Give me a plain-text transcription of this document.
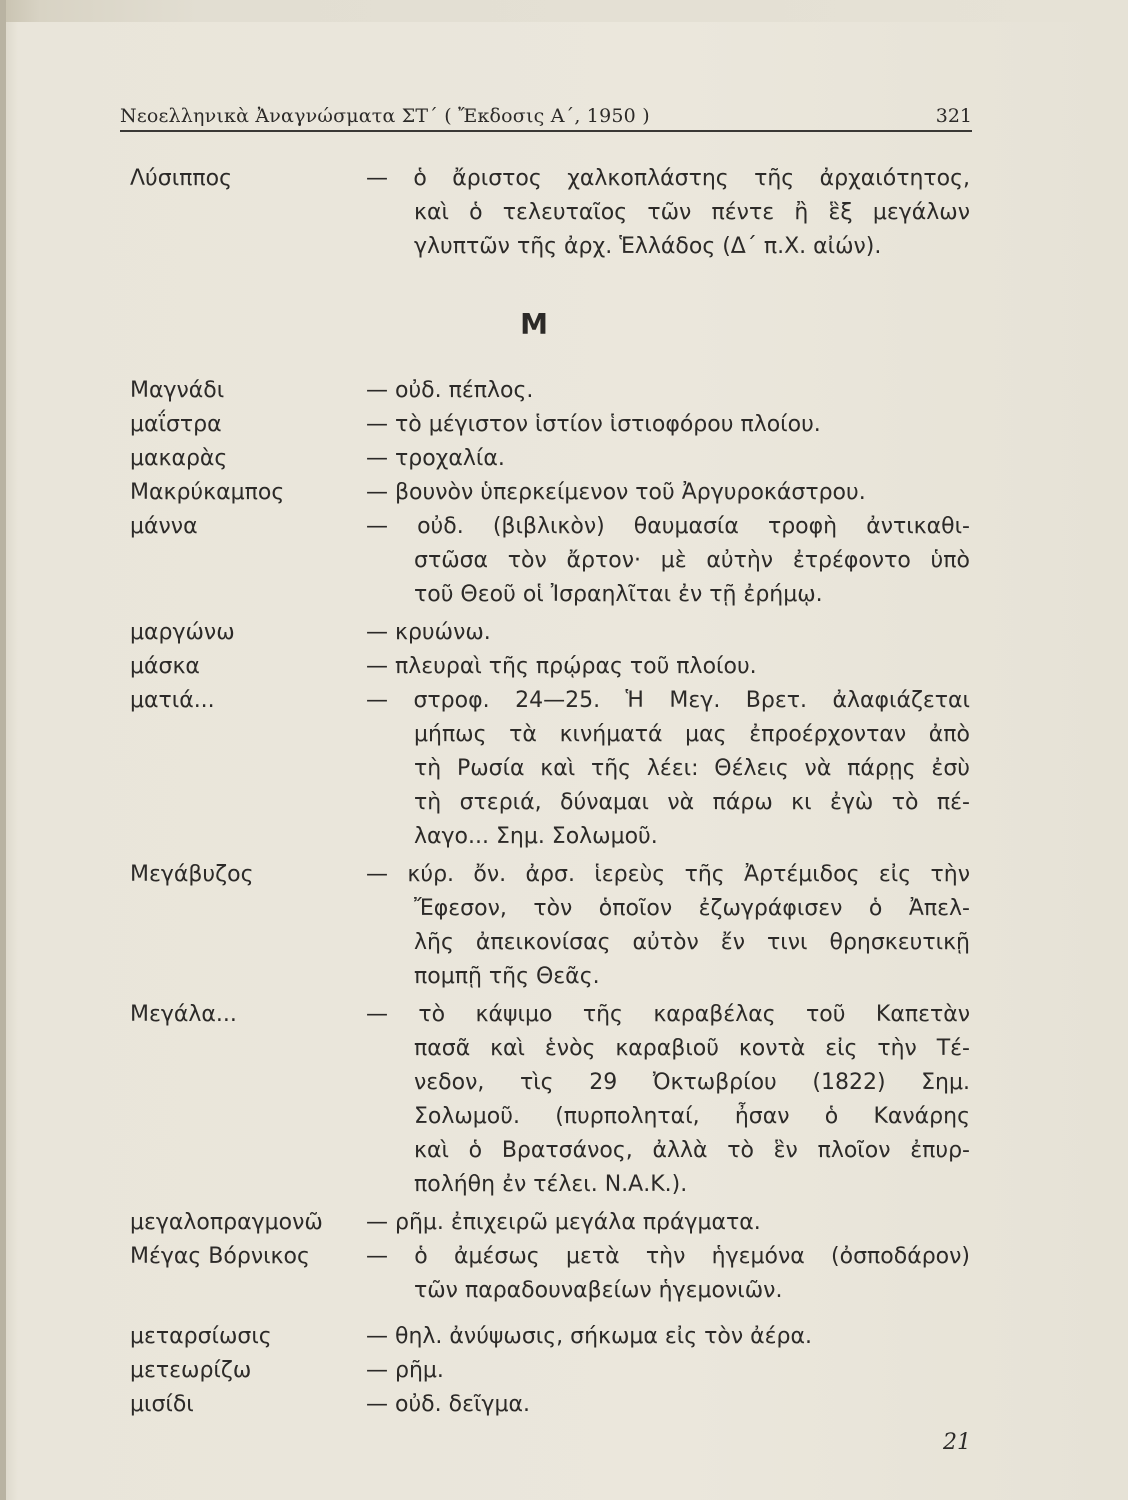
Νεοελληνικὰ Ἀναγνώσματα ΣΤ΄ ( Ἔκδοσις Α΄, 1950 )	321
Μ
Λύσιππος	— ὁ ἄριστος χαλκοπλάστης τῆς ἀρχαιότητος,
καὶ ὁ τελευταῖος τῶν πέντε ἢ ἓξ μεγάλων
γλυπτῶν τῆς ἀρχ. Ἑλλάδος (Δ΄ π.Χ. αἰών).
Μαγνάδι	— οὐδ. πέπλος.
μαΐστρα	— τὸ μέγιστον ἱστίον ἱστιοφόρου πλοίου.
μακαρὰς	— τροχαλία.
Μακρύκαμπος	— βουνὸν ὑπερκείμενον τοῦ Ἀργυροκάστρου.
μάννα	— οὐδ. (βιβλικὸν) θαυμασία τροφὴ ἀντικαθι-
στῶσα τὸν ἄρτον· μὲ αὐτὴν ἐτρέφοντο ὑπὸ
τοῦ Θεοῦ οἱ Ἰσραηλῖται ἐν τῇ ἐρήμῳ.
μαργώνω	— κρυώνω.
μάσκα	— πλευραὶ τῆς πρῴρας τοῦ πλοίου.
ματιά...	— στροφ. 24—25. Ἡ Μεγ. Βρετ. ἀλαφιάζεται
μήπως τὰ κινήματά μας ἐπροέρχονταν ἀπὸ
τὴ Ρωσία καὶ τῆς λέει: Θέλεις νὰ πάρῃς ἐσὺ
τὴ στεριά, δύναμαι νὰ πάρω κι ἐγὼ τὸ πέ-
λαγο... Σημ. Σολωμοῦ.
Μεγάβυζος	— κύρ. ὄν. ἀρσ. ἱερεὺς τῆς Ἀρτέμιδος εἰς τὴν
Ἔφεσον, τὸν ὁποῖον ἐζωγράφισεν ὁ Ἀπελ-
λῆς ἀπεικονίσας αὐτὸν ἔν τινι θρησκευτικῇ
πομπῇ τῆς Θεᾶς.
Μεγάλα...	— τὸ κάψιμο τῆς καραβέλας τοῦ Καπετὰν
πασᾶ καὶ ἑνὸς καραβιοῦ κοντὰ εἰς τὴν Τέ-
νεδον, τὶς 29 Ὀκτωβρίου (1822) Σημ.
Σολωμοῦ. (πυρποληταί, ἦσαν ὁ Κανάρης
καὶ ὁ Βρατσάνος, ἀλλὰ τὸ ἓν πλοῖον ἐπυρ-
πολήθη ἐν τέλει. Ν.Α.Κ.).
μεγαλοπραγμονῶ	— ρῆμ. ἐπιχειρῶ μεγάλα πράγματα.
Μέγας Βόρνικος	— ὁ ἀμέσως μετὰ τὴν ἡγεμόνα (ὀσποδάρον)
τῶν παραδουναβείων ἡγεμονιῶν.
μεταρσίωσις	— θηλ. ἀνύψωσις, σήκωμα εἰς τὸν ἀέρα.
μετεωρίζω	— ρῆμ.
μισίδι	— οὐδ. δεῖγμα.
21
